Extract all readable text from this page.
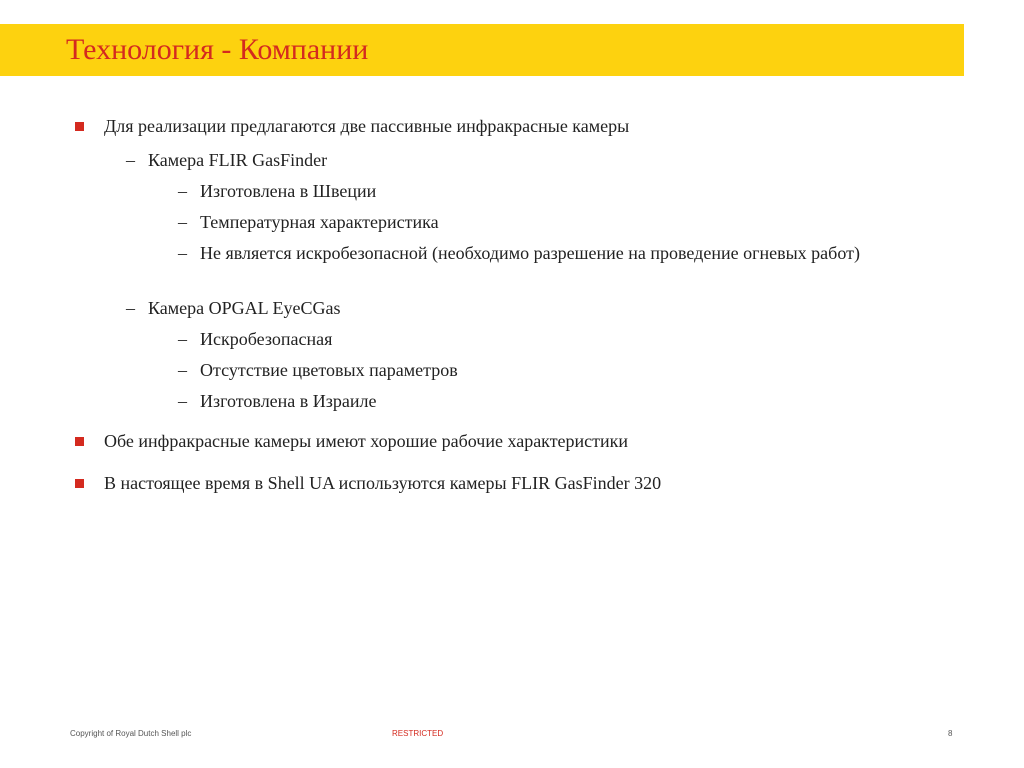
Технология - Компании
Для реализации предлагаются две пассивные инфракрасные камеры
– Камера FLIR GasFinder
– Изготовлена в Швеции
– Температурная характеристика
– Не является искробезопасной (необходимо разрешение на проведение огневых работ)
– Камера OPGAL EyeCGas
– Искробезопасная
– Отсутствие цветовых параметров
– Изготовлена в Израиле
Обе инфракрасные камеры имеют хорошие рабочие характеристики
В настоящее время в Shell UA используются камеры FLIR GasFinder 320
Copyright of Royal Dutch Shell plc	RESTRICTED	8
